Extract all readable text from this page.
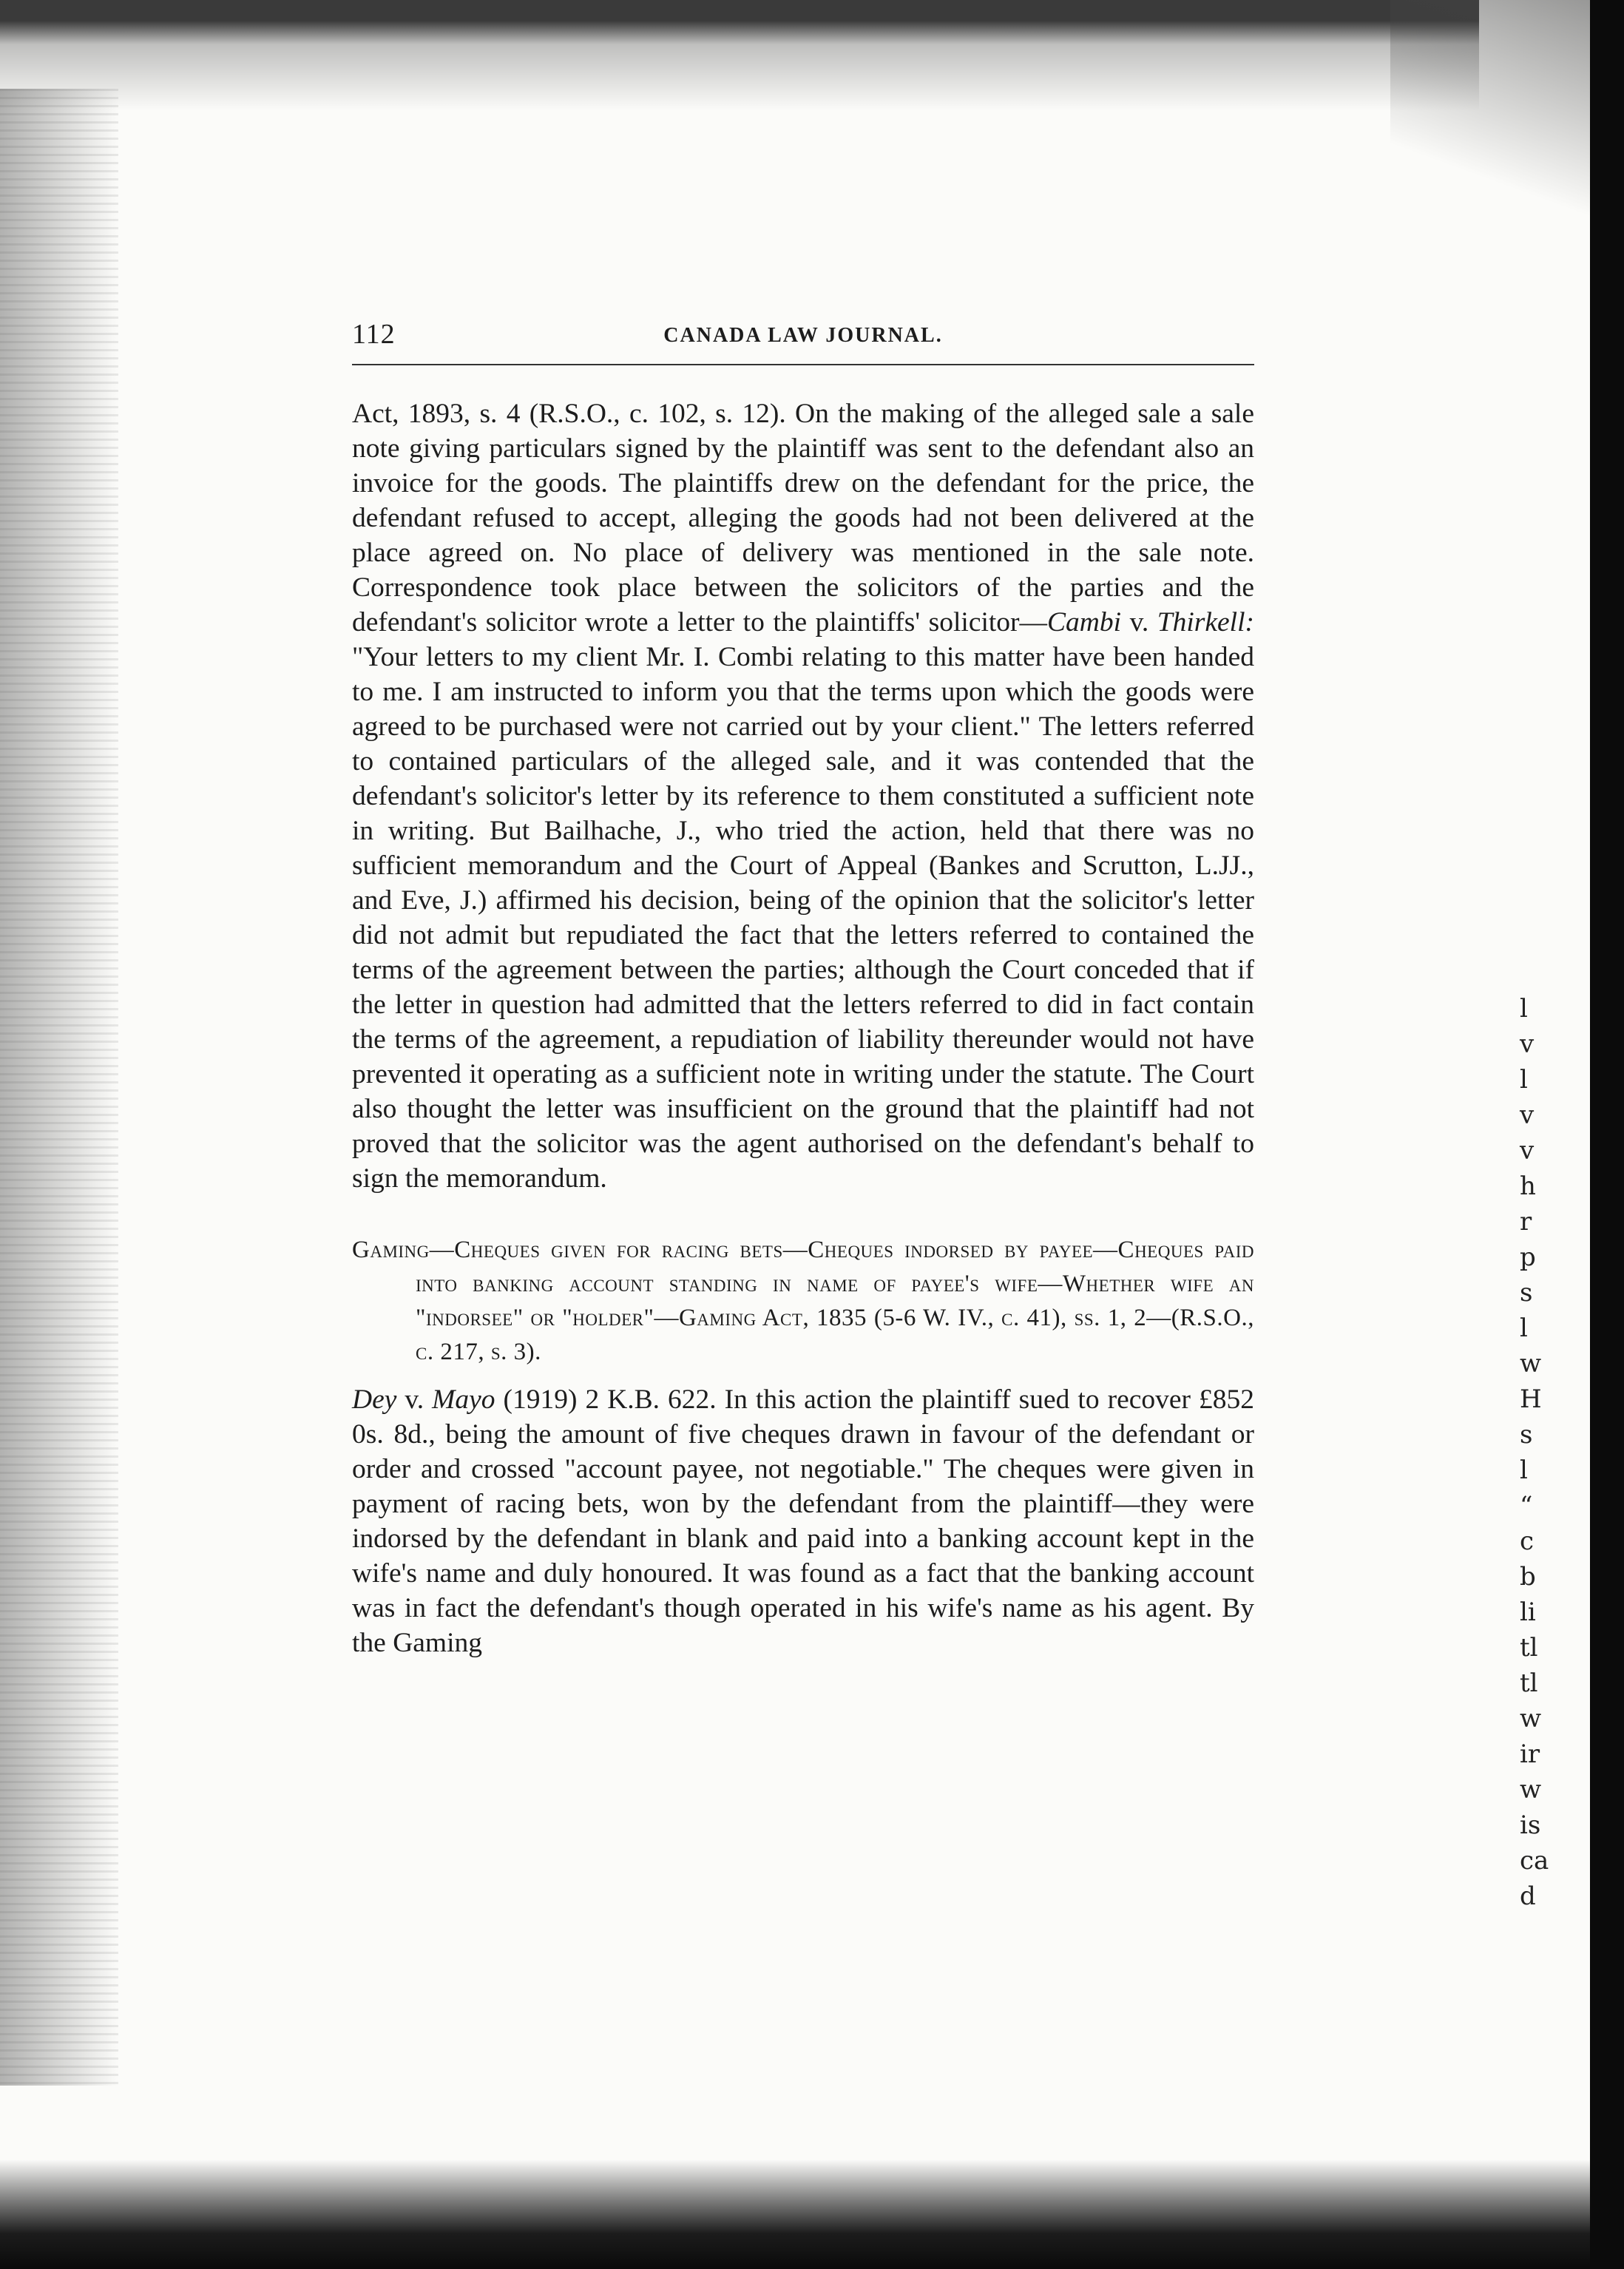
l
v
l
v
v
h
r
p
s
l
w
H
s
l
“
c
b
li
tl
tl
w
ir
w
is
ca
d
112	CANADA LAW JOURNAL.

Act, 1893, s. 4 (R.S.O., c. 102, s. 12). On the making of the alleged sale a sale note giving particulars signed by the plaintiff was sent to the defendant also an invoice for the goods. The plaintiffs drew on the defendant for the price, the defendant refused to accept, alleging the goods had not been delivered at the place agreed on. No place of delivery was mentioned in the sale note. Correspondence took place between the solicitors of the parties and the defendant's solicitor wrote a letter to the plaintiffs' solicitor—Cambi v. Thirkell: "Your letters to my client Mr. I. Combi relating to this matter have been handed to me. I am instructed to inform you that the terms upon which the goods were agreed to be purchased were not carried out by your client." The letters referred to contained particulars of the alleged sale, and it was contended that the defendant's solicitor's letter by its reference to them constituted a sufficient note in writing. But Bailhache, J., who tried the action, held that there was no sufficient memorandum and the Court of Appeal (Bankes and Scrutton, L.JJ., and Eve, J.) affirmed his decision, being of the opinion that the solicitor's letter did not admit but repudiated the fact that the letters referred to contained the terms of the agreement between the parties; although the Court conceded that if the letter in question had admitted that the letters referred to did in fact contain the terms of the agreement, a repudiation of liability thereunder would not have prevented it operating as a sufficient note in writing under the statute. The Court also thought the letter was insufficient on the ground that the plaintiff had not proved that the solicitor was the agent authorised on the defendant's behalf to sign the memorandum.

Gaming—Cheques given for racing bets—Cheques indorsed by payee—Cheques paid into banking account standing in name of payee's wife—Whether wife an "indorsee" or "holder"—Gaming Act, 1835 (5-6 W. IV., c. 41), ss. 1, 2—(R.S.O., c. 217, s. 3).

Dey v. Mayo (1919) 2 K.B. 622. In this action the plaintiff sued to recover £852 0s. 8d., being the amount of five cheques drawn in favour of the defendant or order and crossed "account payee, not negotiable." The cheques were given in payment of racing bets, won by the defendant from the plaintiff—they were indorsed by the defendant in blank and paid into a banking account kept in the wife's name and duly honoured. It was found as a fact that the banking account was in fact the defendant's though operated in his wife's name as his agent. By the Gaming
